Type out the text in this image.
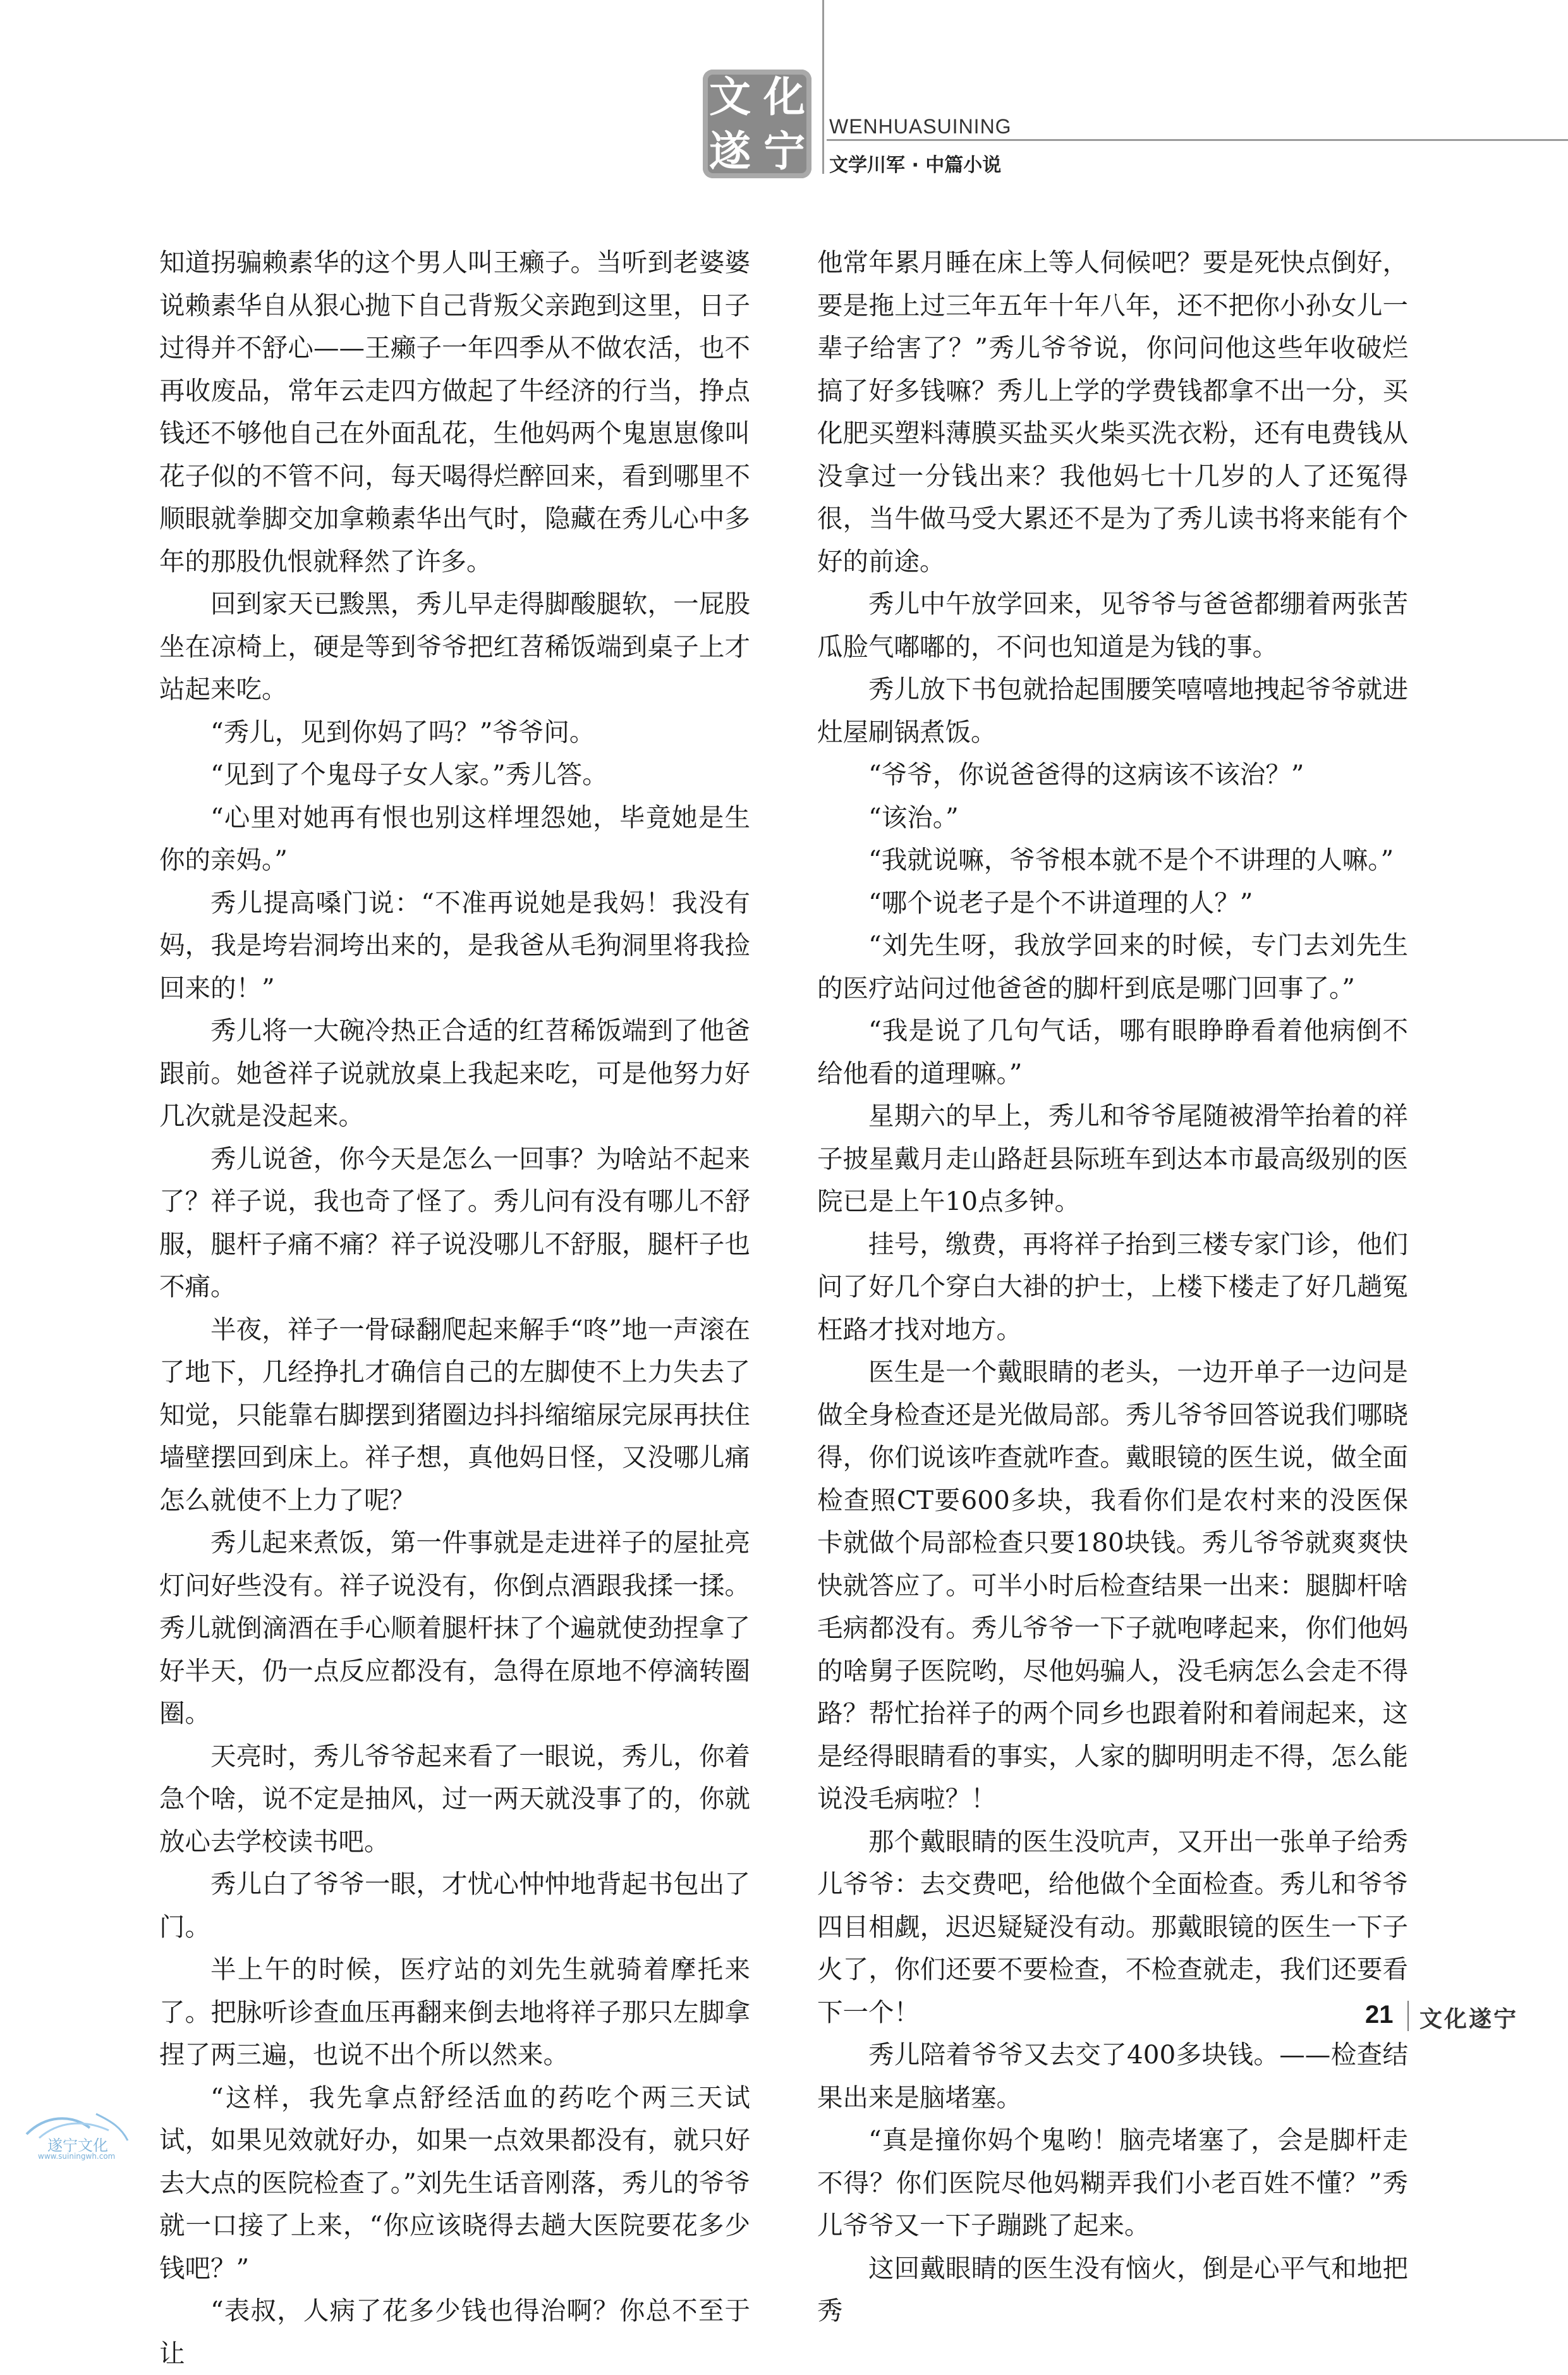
文 化
遂 宁	WENHUASUINING
文学川军 · 中篇小说

知道拐骗赖素华的这个男人叫王癞子。当听到老婆婆说赖素华自从狠心抛下自己背叛父亲跑到这里，日子过得并不舒心——王癞子一年四季从不做农活，也不再收废品，常年云走四方做起了牛经济的行当，挣点钱还不够他自己在外面乱花，生他妈两个鬼崽崽像叫花子似的不管不问，每天喝得烂醉回来，看到哪里不顺眼就拳脚交加拿赖素华出气时，隐藏在秀儿心中多年的那股仇恨就释然了许多。

回到家天已黢黑，秀儿早走得脚酸腿软，一屁股坐在凉椅上，硬是等到爷爷把红苕稀饭端到桌子上才站起来吃。

“秀儿，见到你妈了吗？”爷爷问。

“见到了个鬼母子女人家。”秀儿答。

“心里对她再有恨也别这样埋怨她，毕竟她是生你的亲妈。”

秀儿提高嗓门说：“不准再说她是我妈！我没有妈，我是垮岩洞垮出来的，是我爸从毛狗洞里将我捡回来的！”

秀儿将一大碗冷热正合适的红苕稀饭端到了他爸跟前。她爸祥子说就放桌上我起来吃，可是他努力好几次就是没起来。

秀儿说爸，你今天是怎么一回事？为啥站不起来了？祥子说，我也奇了怪了。秀儿问有没有哪儿不舒服，腿杆子痛不痛？祥子说没哪儿不舒服，腿杆子也不痛。

半夜，祥子一骨碌翻爬起来解手“咚”地一声滚在了地下，几经挣扎才确信自己的左脚使不上力失去了知觉，只能靠右脚摆到猪圈边抖抖缩缩尿完尿再扶住墙壁摆回到床上。祥子想，真他妈日怪，又没哪儿痛怎么就使不上力了呢？

秀儿起来煮饭，第一件事就是走进祥子的屋扯亮灯问好些没有。祥子说没有，你倒点酒跟我揉一揉。秀儿就倒滴酒在手心顺着腿杆抹了个遍就使劲捏拿了好半天，仍一点反应都没有，急得在原地不停滴转圈圈。

天亮时，秀儿爷爷起来看了一眼说，秀儿，你着急个啥，说不定是抽风，过一两天就没事了的，你就放心去学校读书吧。

秀儿白了爷爷一眼，才忧心忡忡地背起书包出了门。

半上午的时候，医疗站的刘先生就骑着摩托来了。把脉听诊查血压再翻来倒去地将祥子那只左脚拿捏了两三遍，也说不出个所以然来。

“这样，我先拿点舒经活血的药吃个两三天试试，如果见效就好办，如果一点效果都没有，就只好去大点的医院检查了。”刘先生话音刚落，秀儿的爷爷就一口接了上来，“你应该晓得去趟大医院要花多少钱吧？”

“表叔，人病了花多少钱也得治啊？你总不至于让

他常年累月睡在床上等人伺候吧？要是死快点倒好，要是拖上过三年五年十年八年，还不把你小孙女儿一辈子给害了？”秀儿爷爷说，你问问他这些年收破烂搞了好多钱嘛？秀儿上学的学费钱都拿不出一分，买化肥买塑料薄膜买盐买火柴买洗衣粉，还有电费钱从没拿过一分钱出来？我他妈七十几岁的人了还冤得很，当牛做马受大累还不是为了秀儿读书将来能有个好的前途。

秀儿中午放学回来，见爷爷与爸爸都绷着两张苦瓜脸气嘟嘟的，不问也知道是为钱的事。

秀儿放下书包就拾起围腰笑嘻嘻地拽起爷爷就进灶屋刷锅煮饭。

“爷爷，你说爸爸得的这病该不该治？”

“该治。”

“我就说嘛，爷爷根本就不是个不讲理的人嘛。”

“哪个说老子是个不讲道理的人？”

“刘先生呀，我放学回来的时候，专门去刘先生的医疗站问过他爸爸的脚杆到底是哪门回事了。”

“我是说了几句气话，哪有眼睁睁看着他病倒不给他看的道理嘛。”

星期六的早上，秀儿和爷爷尾随被滑竿抬着的祥子披星戴月走山路赶县际班车到达本市最高级别的医院已是上午10点多钟。

挂号，缴费，再将祥子抬到三楼专家门诊，他们问了好几个穿白大褂的护士，上楼下楼走了好几趟冤枉路才找对地方。

医生是一个戴眼睛的老头，一边开单子一边问是做全身检查还是光做局部。秀儿爷爷回答说我们哪晓得，你们说该咋查就咋查。戴眼镜的医生说，做全面检查照CT要600多块，我看你们是农村来的没医保卡就做个局部检查只要180块钱。秀儿爷爷就爽爽快快就答应了。可半小时后检查结果一出来：腿脚杆啥毛病都没有。秀儿爷爷一下子就咆哮起来，你们他妈的啥舅子医院哟，尽他妈骗人，没毛病怎么会走不得路？帮忙抬祥子的两个同乡也跟着附和着闹起来，这是经得眼睛看的事实，人家的脚明明走不得，怎么能说没毛病啦？！

那个戴眼睛的医生没吭声，又开出一张单子给秀儿爷爷：去交费吧，给他做个全面检查。秀儿和爷爷四目相觑，迟迟疑疑没有动。那戴眼镜的医生一下子火了，你们还要不要检查，不检查就走，我们还要看下一个！

秀儿陪着爷爷又去交了400多块钱。——检查结果出来是脑堵塞。

“真是撞你妈个鬼哟！脑壳堵塞了，会是脚杆走不得？你们医院尽他妈糊弄我们小老百姓不懂？”秀儿爷爷又一下子蹦跳了起来。

这回戴眼睛的医生没有恼火，倒是心平气和地把秀

21 文化遂宁
遂宁文化
www.suiningwh.com
